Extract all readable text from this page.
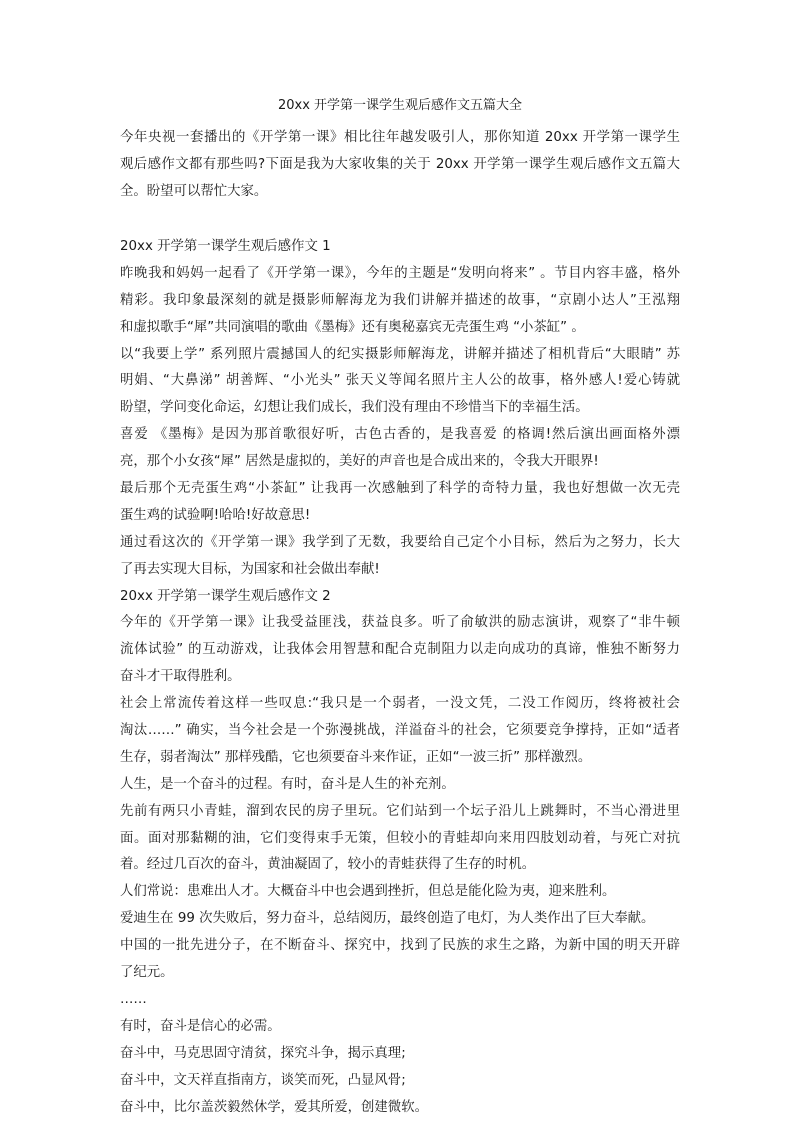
20xx 开学第一课学生观后感作文五篇大全
今年央视一套播出的《开学第一课》相比往年越发吸引人，那你知道 20xx 开学第一课学生
观后感作文都有那些吗?下面是我为大家收集的关于 20xx 开学第一课学生观后感作文五篇大
全。盼望可以帮忙大家。
20xx 开学第一课学生观后感作文 1
昨晚我和妈妈一起看了《开学第一课》，今年的主题是“发明向将来” 。节目内容丰盛，格外
精彩。我印象最深刻的就是摄影师解海龙为我们讲解并描述的故事，“京剧小达人”王泓翔
和虚拟歌手“犀”共同演唱的歌曲《墨梅》还有奥秘嘉宾无壳蛋生鸡 “小茶缸” 。
以“我要上学” 系列照片震撼国人的纪实摄影师解海龙，讲解并描述了相机背后“大眼睛” 苏
明娟、“大鼻涕” 胡善辉、“小光头” 张天义等闻名照片主人公的故事，格外感人!爱心铸就
盼望，学问变化命运，幻想让我们成长，我们没有理由不珍惜当下的幸福生活。
喜爱 《墨梅》是因为那首歌很好听，古色古香的，是我喜爱 的格调!然后演出画面格外漂
亮，那个小女孩“犀” 居然是虚拟的，美好的声音也是合成出来的，令我大开眼界!
最后那个无壳蛋生鸡“小茶缸” 让我再一次感触到了科学的奇特力量，我也好想做一次无壳
蛋生鸡的试验啊!哈哈!好故意思!
通过看这次的《开学第一课》我学到了无数，我要给自己定个小目标，然后为之努力，长大
了再去实现大目标，为国家和社会做出奉献!
20xx 开学第一课学生观后感作文 2
今年的《开学第一课》让我受益匪浅，获益良多。听了俞敏洪的励志演讲，观察了“非牛顿
流体试验” 的互动游戏，让我体会用智慧和配合克制阻力以走向成功的真谛，惟独不断努力
奋斗才干取得胜利。
社会上常流传着这样一些叹息:“我只是一个弱者，一没文凭，二没工作阅历，终将被社会
淘汰……” 确实，当今社会是一个弥漫挑战，洋溢奋斗的社会，它须要竞争撑持，正如“适者
生存，弱者淘汰” 那样残酷，它也须要奋斗来作证，正如“一波三折” 那样激烈。
人生，是一个奋斗的过程。有时，奋斗是人生的补充剂。
先前有两只小青蛙，溜到农民的房子里玩。它们站到一个坛子沿儿上跳舞时，不当心滑进里
面。面对那黏糊的油，它们变得束手无策，但较小的青蛙却向来用四肢划动着，与死亡对抗
着。经过几百次的奋斗，黄油凝固了，较小的青蛙获得了生存的时机。
人们常说：患难出人才。大概奋斗中也会遇到挫折，但总是能化险为夷，迎来胜利。
爱迪生在 99 次失败后，努力奋斗，总结阅历，最终创造了电灯，为人类作出了巨大奉献。
中国的一批先进分子，在不断奋斗、探究中，找到了民族的求生之路，为新中国的明天开辟
了纪元。
……
有时，奋斗是信心的必需。
奋斗中，马克思固守清贫，探究斗争，揭示真理;
奋斗中，文天祥直指南方，谈笑而死，凸显风骨;
奋斗中，比尔盖茨毅然休学，爱其所爱，创建微软。
